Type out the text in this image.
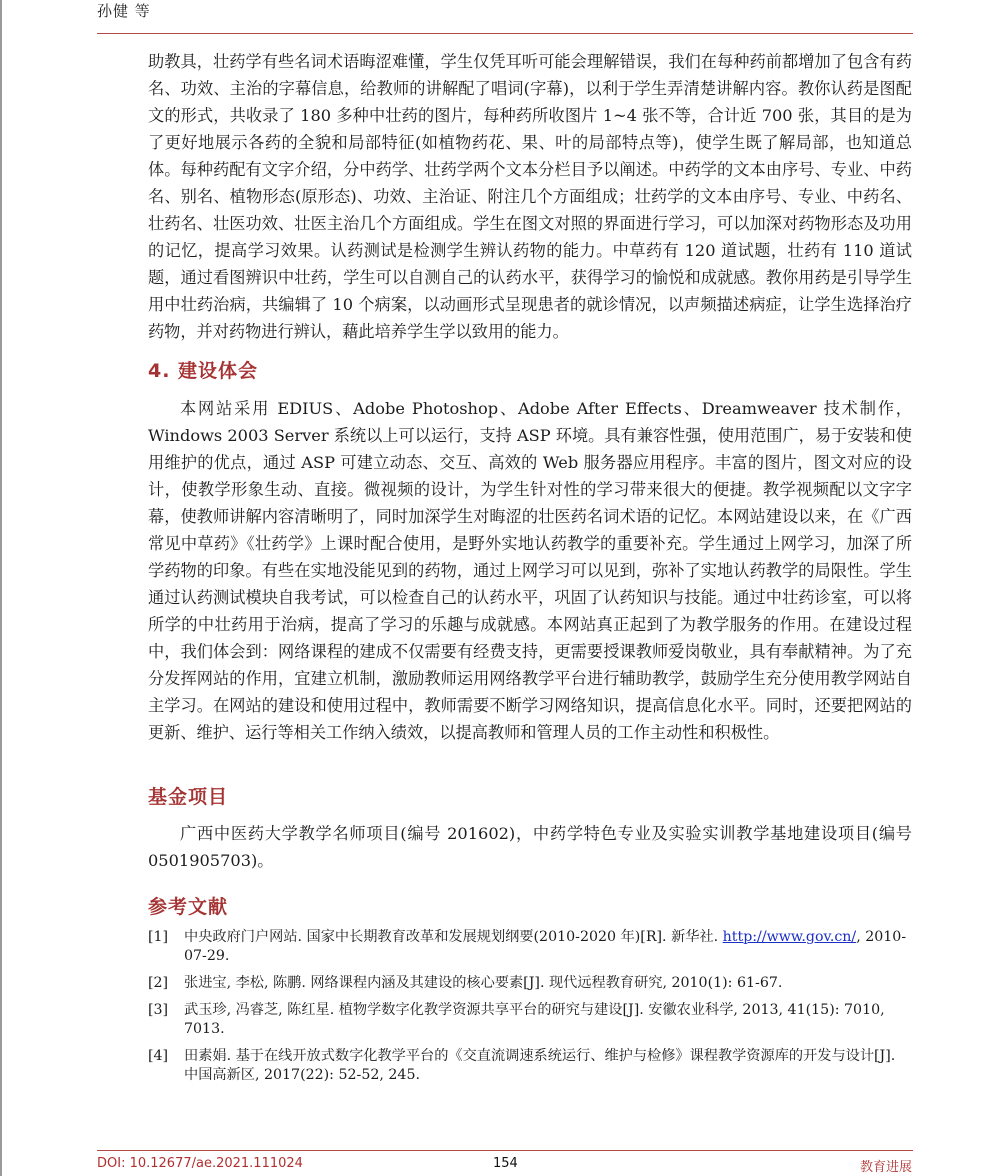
孙健 等

助教具，壮药学有些名词术语晦涩难懂，学生仅凭耳听可能会理解错误，我们在每种药前都增加了包含有药名、功效、主治的字幕信息，给教师的讲解配了唱词(字幕)，以利于学生弄清楚讲解内容。教你认药是图配文的形式，共收录了 180 多种中壮药的图片，每种药所收图片 1~4 张不等，合计近 700 张，其目的是为了更好地展示各药的全貌和局部特征(如植物药花、果、叶的局部特点等)，使学生既了解局部，也知道总体。每种药配有文字介绍，分中药学、壮药学两个文本分栏目予以阐述。中药学的文本由序号、专业、中药名、别名、植物形态(原形态)、功效、主治证、附注几个方面组成；壮药学的文本由序号、专业、中药名、壮药名、壮医功效、壮医主治几个方面组成。学生在图文对照的界面进行学习，可以加深对药物形态及功用的记忆，提高学习效果。认药测试是检测学生辨认药物的能力。中草药有 120 道试题，壮药有 110 道试题，通过看图辨识中壮药，学生可以自测自己的认药水平，获得学习的愉悦和成就感。教你用药是引导学生用中壮药治病，共编辑了 10 个病案，以动画形式呈现患者的就诊情况，以声频描述病症，让学生选择治疗药物，并对药物进行辨认，藉此培养学生学以致用的能力。

4. 建设体会

本网站采用 EDIUS、Adobe Photoshop、Adobe After Effects、Dreamweaver 技术制作，Windows 2003 Server 系统以上可以运行，支持 ASP 环境。具有兼容性强，使用范围广，易于安装和使用维护的优点，通过 ASP 可建立动态、交互、高效的 Web 服务器应用程序。丰富的图片，图文对应的设计，使教学形象生动、直接。微视频的设计，为学生针对性的学习带来很大的便捷。教学视频配以文字字幕，使教师讲解内容清晰明了，同时加深学生对晦涩的壮医药名词术语的记忆。本网站建设以来，在《广西常见中草药》《壮药学》上课时配合使用，是野外实地认药教学的重要补充。学生通过上网学习，加深了所学药物的印象。有些在实地没能见到的药物，通过上网学习可以见到，弥补了实地认药教学的局限性。学生通过认药测试模块自我考试，可以检查自己的认药水平，巩固了认药知识与技能。通过中壮药诊室，可以将所学的中壮药用于治病，提高了学习的乐趣与成就感。本网站真正起到了为教学服务的作用。在建设过程中，我们体会到：网络课程的建成不仅需要有经费支持，更需要授课教师爱岗敬业，具有奉献精神。为了充分发挥网站的作用，宜建立机制，激励教师运用网络教学平台进行辅助教学，鼓励学生充分使用教学网站自主学习。在网站的建设和使用过程中，教师需要不断学习网络知识，提高信息化水平。同时，还要把网站的更新、维护、运行等相关工作纳入绩效，以提高教师和管理人员的工作主动性和积极性。

基金项目

广西中医药大学教学名师项目(编号 201602)，中药学特色专业及实验实训教学基地建设项目(编号 0501905703)。

参考文献
[1] 中央政府门户网站. 国家中长期教育改革和发展规划纲要(2010-2020 年)[R]. 新华社. http://www.gov.cn/, 2010-07-29.
[2] 张进宝, 李松, 陈鹏. 网络课程内涵及其建设的核心要素[J]. 现代远程教育研究, 2010(1): 61-67.
[3] 武玉珍, 冯睿芝, 陈红星. 植物学数字化教学资源共享平台的研究与建设[J]. 安徽农业科学, 2013, 41(15): 7010, 7013.
[4] 田素娟. 基于在线开放式数字化教学平台的《交直流调速系统运行、维护与检修》课程教学资源库的开发与设计[J]. 中国高新区, 2017(22): 52-52, 245.
DOI: 10.12677/ae.2021.111024	154	教育进展
